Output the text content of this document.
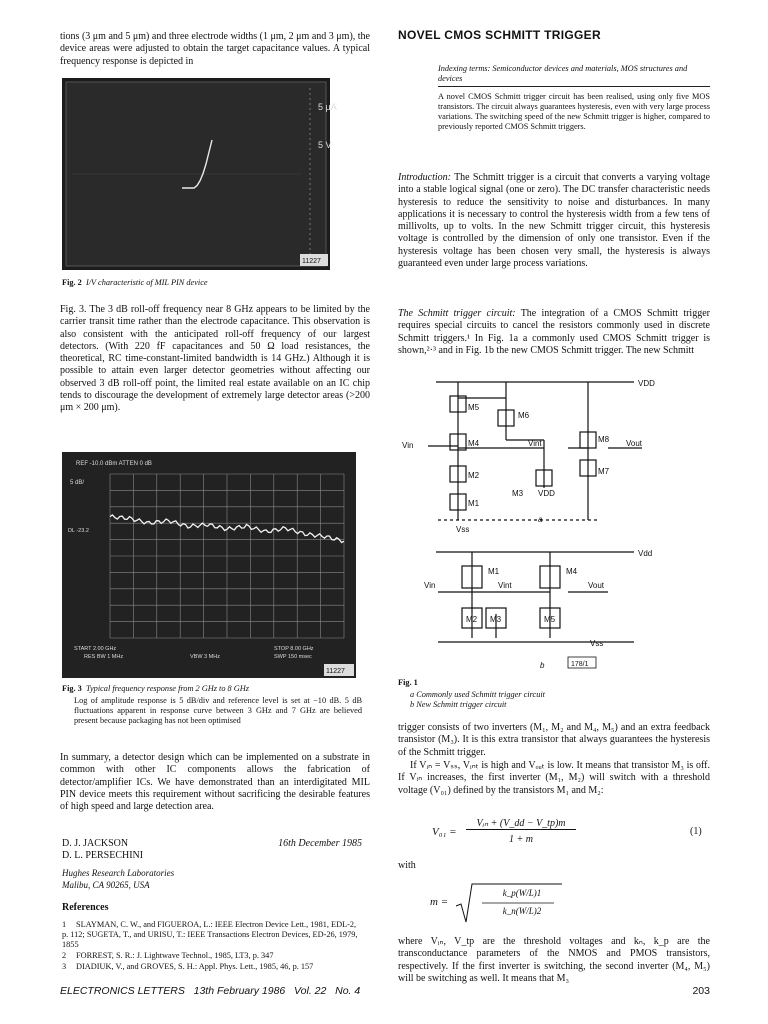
tions (3 μm and 5 μm) and three electrode widths (1 μm, 2 μm and 3 μm), the device areas were adjusted to obtain the target capacitance values. A typical frequency response is depicted in
5 μA
5 V
11227
Fig. 2 I/V characteristic of MIL PIN device
Fig. 3. The 3 dB roll-off frequency near 8 GHz appears to be limited by the carrier transit time rather than the electrode capacitance. This observation is also consistent with the anticipated roll-off frequency of our largest detectors. (With 220 fF capacitances and 50 Ω load resistances, the theoretical, RC time-constant-limited bandwidth is 14 GHz.) Although it is possible to attain even larger detector geometries without affecting our observed 3 dB roll-off point, the limited real estate available on an IC chip tends to discourage the development of extremely large detector areas (>200 μm × 200 μm).
REF -10.0 dBm ATTEN 0 dB
5 dB/
DL -23.2
START 2.00 GHz
RES BW 1 MHz	VBW 3 MHz
STOP 8.00 GHz
SWP 150 msec
11227
Fig. 3 Typical frequency response from 2 GHz to 8 GHz
Log of amplitude response is 5 dB/div and reference level is set at −10 dB. 5 dB fluctuations apparent in response curve between 3 GHz and 7 GHz are believed present because packaging has not been optimised
In summary, a detector design which can be implemented on a substrate in common with other IC components allows the fabrication of detector/amplifier ICs. We have demonstrated than an interdigitated MIL PIN device meets this requirement without sacrificing the desirable features of high speed and large detection area.
D. J. JACKSON
D. L. PERSECHINI
16th December 1985
Hughes Research Laboratories
Malibu, CA 90265, USA
References
1 SLAYMAN, C. W., and FIGUEROA, L.: IEEE Electron Device Lett., 1981, EDL-2, p. 112; SUGETA, T., and URISU, T.: IEEE Transactions Electron Devices, ED-26, 1979, 1855
2 FORREST, S. R.: J. Lightwave Technol., 1985, LT3, p. 347
3 DIADIUK, V., and GROVES, S. H.: Appl. Phys. Lett., 1985, 46, p. 157
NOVEL CMOS SCHMITT TRIGGER
Indexing terms: Semiconductor devices and materials, MOS structures and devices
A novel CMOS Schmitt trigger circuit has been realised, using only five MOS transistors. The circuit always guarantees hysteresis, even with very large process variations. The switching speed of the new Schmitt trigger is higher, compared to previously reported CMOS Schmitt triggers.
Introduction: The Schmitt trigger is a circuit that converts a varying voltage into a stable logical signal (one or zero). The DC transfer characteristic needs hysteresis to reduce the sensitivity to noise and disturbances. In many applications it is necessary to control the hysteresis width from a few tens of millivolts, up to volts. In the new Schmitt trigger circuit, this hysteresis voltage is controlled by the dimension of only one transistor. Even if the hysteresis voltage has been chosen very small, the hysteresis is always guaranteed even under large process variations.
The Schmitt trigger circuit: The integration of a CMOS Schmitt trigger requires special circuits to cancel the resistors commonly used in discrete Schmitt triggers.¹ In Fig. 1a a commonly used CMOS Schmitt trigger is shown,²·³ and in Fig. 1b the new CMOS Schmitt trigger. The new Schmitt
VDD
M5
M6
M4	Vint	M8
Vin	Vout
M2	M7
M3 VDD
M1
Vss
a
Vdd
M1	M4
Vin	Vint	Vout
M2 M3	M5
Vss
b	178/1
Fig. 1
a Commonly used Schmitt trigger circuit
b New Schmitt trigger circuit
trigger consists of two inverters (M₁, M₂ and M₄, M₅) and an extra feedback transistor (M₃). It is this extra transistor that always guarantees the hysteresis of the Schmitt trigger.
If Vᵢₙ = Vₛₛ, Vᵢₙₜ is high and Vₒᵤₜ is low. It means that transistor M₃ is off. If Vᵢₙ increases, the first inverter (M₁, M₂) will switch with a threshold voltage (V₀₁) defined by the transistors M₁ and M₂:
V₀₁ =
Vᵢₙ + (V_dd − V_tp)m
1 + m
(1)
with
m =
k_p(W/L)1
k_n(W/L)2
where Vᵢₙ, V_tp are the threshold voltages and kₙ, k_p are the transconductance parameters of the NMOS and PMOS transistors, respectively. If the first inverter is switching, the second inverter (M₄, M₅) will be switching as well. It means that M₃
ELECTRONICS LETTERS 13th February 1986 Vol. 22 No. 4	203
